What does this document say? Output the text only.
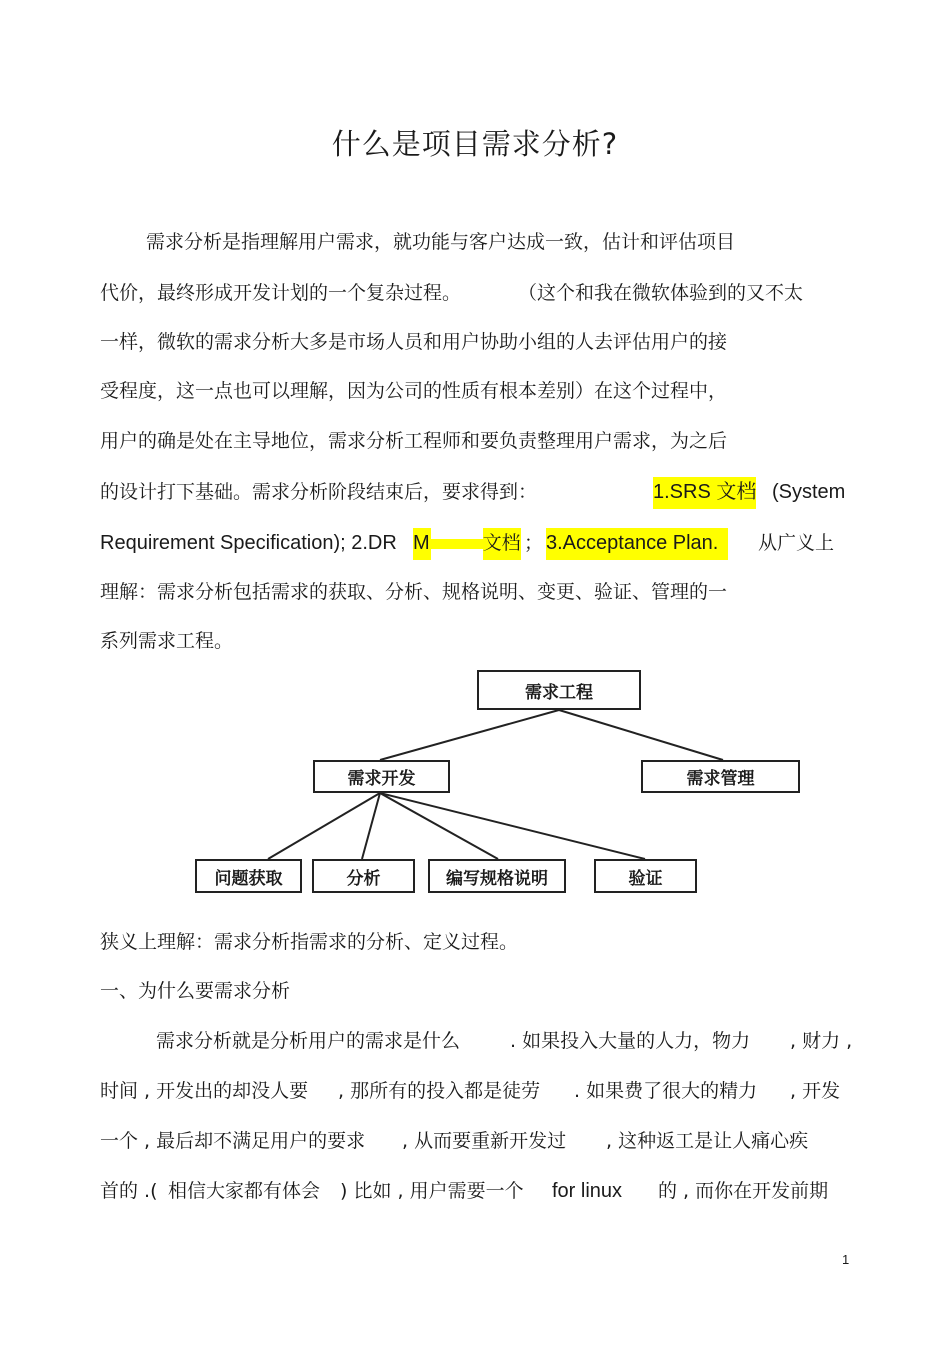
什么是项目需求分析?
需求分析是指理解用户需求，就功能与客户达成一致，估计和评估项目
代价，最终形成开发计划的一个复杂过程。	（这个和我在微软体验到的又不太
一样，微软的需求分析大多是市场人员和用户协助小组的人去评估用户的接
受程度，这一点也可以理解，因为公司的性质有根本差别）在这个过程中，
用户的确是处在主导地位，需求分析工程师和要负责整理用户需求，为之后
的设计打下基础。需求分析阶段结束后，要求得到：	1.SRS 文档 (System
Requirement Specification); 2.DR M	文档 ； 3.Acceptance Plan.	从广义上
理解：需求分析包括需求的获取、分析、规格说明、变更、验证、管理的一
系列需求工程。
需求工程
需求开发	需求管理
问题获取	分析	编写规格说明	验证
狭义上理解：需求分析指需求的分析、定义过程。
一、为什么要需求分析
需求分析就是分析用户的需求是什么	. 如果投入大量的人力，物力 , 财力 ,
时间 , 开发出的却没人要 , 那所有的投入都是徒劳 . 如果费了很大的精力 , 开发
一个 , 最后却不满足用户的要求 , 从而要重新开发过 , 这种返工是让人痛心疾
首的 .( 相信大家都有体会 ) 比如 , 用户需要一个 for linux 的 , 而你在开发前期
1
